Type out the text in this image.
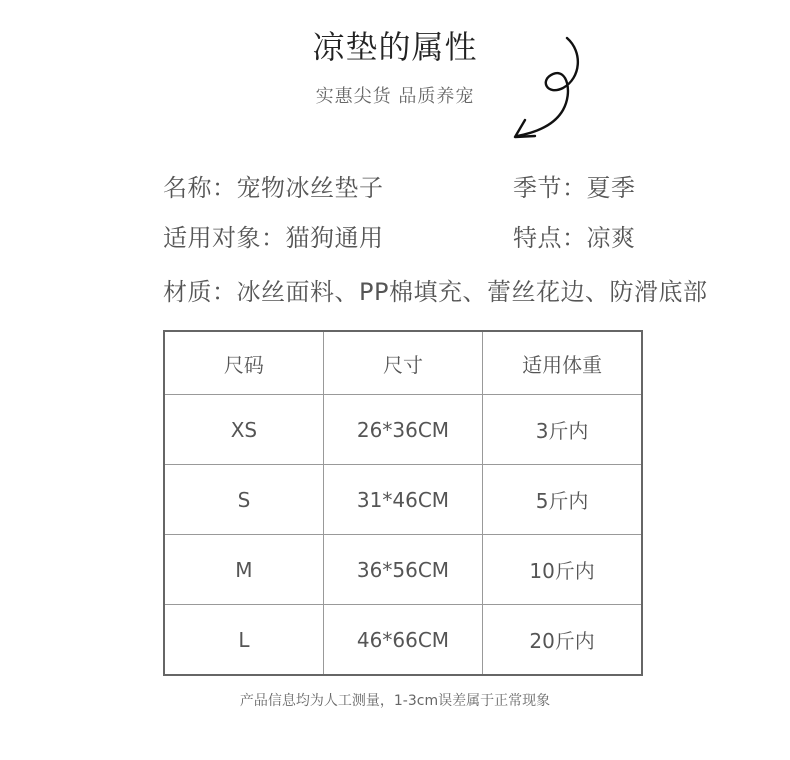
凉垫的属性
实惠尖货 品质养宠
名称：宠物冰丝垫子	季节：夏季
适用对象：猫狗通用	特点：凉爽
材质：冰丝面料、PP棉填充、蕾丝花边、防滑底部
尺码	尺寸	适用体重
XS	26*36CM	3斤内
S	31*46CM	5斤内
M	36*56CM	10斤内
L	46*66CM	20斤内
产品信息均为人工测量，1-3cm误差属于正常现象
